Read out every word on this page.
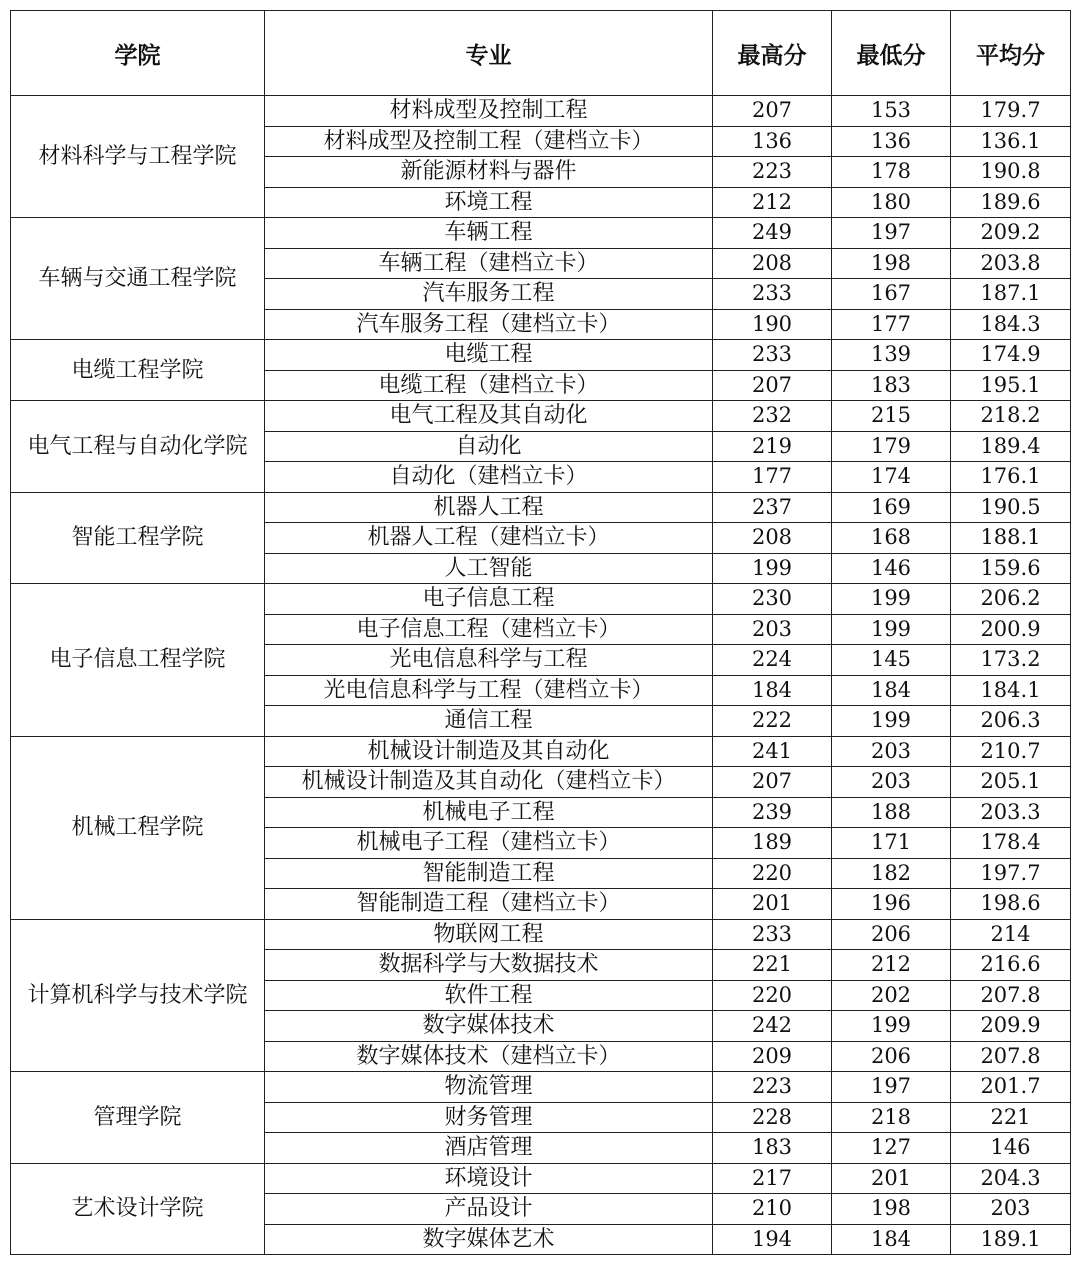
学院	专业	最高分	最低分	平均分
材料科学与工程学院	材料成型及控制工程	207	153	179.7
	材料成型及控制工程（建档立卡）	136	136	136.1
	新能源材料与器件	223	178	190.8
	环境工程	212	180	189.6
车辆与交通工程学院	车辆工程	249	197	209.2
	车辆工程（建档立卡）	208	198	203.8
	汽车服务工程	233	167	187.1
	汽车服务工程（建档立卡）	190	177	184.3
电缆工程学院	电缆工程	233	139	174.9
	电缆工程（建档立卡）	207	183	195.1
电气工程与自动化学院	电气工程及其自动化	232	215	218.2
	自动化	219	179	189.4
	自动化（建档立卡）	177	174	176.1
智能工程学院	机器人工程	237	169	190.5
	机器人工程（建档立卡）	208	168	188.1
	人工智能	199	146	159.6
电子信息工程学院	电子信息工程	230	199	206.2
	电子信息工程（建档立卡）	203	199	200.9
	光电信息科学与工程	224	145	173.2
	光电信息科学与工程（建档立卡）	184	184	184.1
	通信工程	222	199	206.3
机械工程学院	机械设计制造及其自动化	241	203	210.7
	机械设计制造及其自动化（建档立卡）	207	203	205.1
	机械电子工程	239	188	203.3
	机械电子工程（建档立卡）	189	171	178.4
	智能制造工程	220	182	197.7
	智能制造工程（建档立卡）	201	196	198.6
计算机科学与技术学院	物联网工程	233	206	214
	数据科学与大数据技术	221	212	216.6
	软件工程	220	202	207.8
	数字媒体技术	242	199	209.9
	数字媒体技术（建档立卡）	209	206	207.8
管理学院	物流管理	223	197	201.7
	财务管理	228	218	221
	酒店管理	183	127	146
艺术设计学院	环境设计	217	201	204.3
	产品设计	210	198	203
	数字媒体艺术	194	184	189.1
